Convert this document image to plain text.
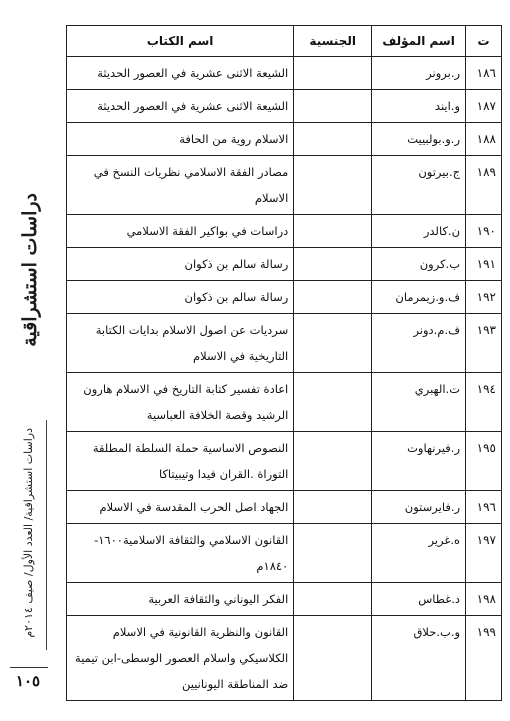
دراسات استشراقية
دراسات استشراقية/ العدد الأول/ صيف ٢٠١٤م
١٠٥
ت	اسم المؤلف	الجنسية	اسم الكتاب
١٨٦	ر.برونر		الشيعة الاثنى عشرية في العصور الحديثة
١٨٧	و.ايند		الشيعة الاثنى عشرية في العصور الحديثة
١٨٨	ر.و.بولبييت		الاسلام روية من الحافة
١٨٩	ج.بيرتون		مصادر الفقة الاسلامي نظريات النسخ في الاسلام
١٩٠	ن.كالدر		دراسات في بواكير الفقة الاسلامي
١٩١	ب.كرون		رسالة سالم بن ذكوان
١٩٢	ف.و.زيمرمان		رسالة سالم بن ذكوان
١٩٣	ف.م.دونر		سرديات عن اصول الاسلام بدايات الكتابة التاريخية في الاسلام
١٩٤	ت.الهبري		اعادة تفسير كتابة التاريخ في الاسلام هارون الرشيد وقصة الخلافة العباسية
١٩٥	ر.فيرنهاوت		النصوص الاساسية حملة السلطة المطلقة التوراة .القران فيدا وتيبيتاكا
١٩٦	ر.فايرستون		الجهاد اصل الحرب المقدسة في الاسلام
١٩٧	ه.غرير		القانون الاسلامي والثقافة الاسلامية١٦٠٠- ١٨٤٠م
١٩٨	د.غطاس		الفكر اليوناني والثقافة العربية
١٩٩	و.ب.حلاق		القانون والنظرية القانونية في الاسلام الكلاسيكي واسلام العصور الوسطى-ابن تيمية ضد المناطقة اليونانيين
